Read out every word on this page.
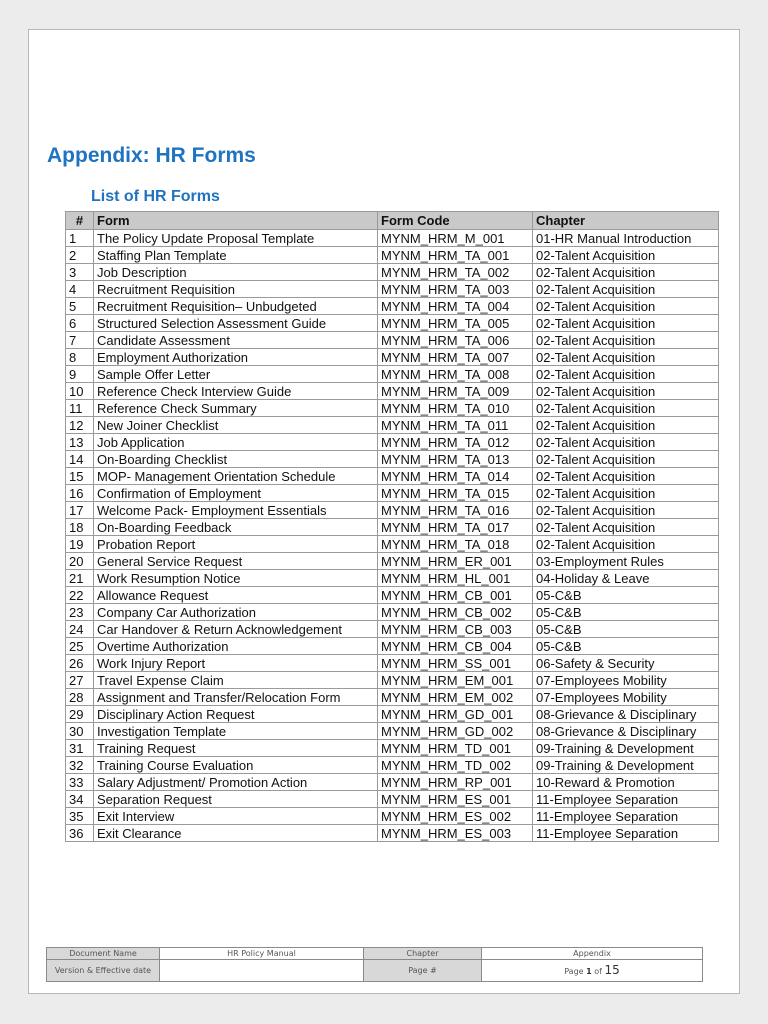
Appendix: HR Forms
List of HR Forms
#	Form	Form Code	Chapter
1	The Policy Update Proposal Template	MYNM_HRM_M_001	01-HR Manual Introduction
2	Staffing Plan Template	MYNM_HRM_TA_001	02-Talent Acquisition
3	Job Description	MYNM_HRM_TA_002	02-Talent Acquisition
4	Recruitment Requisition	MYNM_HRM_TA_003	02-Talent Acquisition
5	Recruitment Requisition– Unbudgeted	MYNM_HRM_TA_004	02-Talent Acquisition
6	Structured Selection Assessment Guide	MYNM_HRM_TA_005	02-Talent Acquisition
7	Candidate Assessment	MYNM_HRM_TA_006	02-Talent Acquisition
8	Employment Authorization	MYNM_HRM_TA_007	02-Talent Acquisition
9	Sample Offer Letter	MYNM_HRM_TA_008	02-Talent Acquisition
10	Reference Check Interview Guide	MYNM_HRM_TA_009	02-Talent Acquisition
11	Reference Check Summary	MYNM_HRM_TA_010	02-Talent Acquisition
12	New Joiner Checklist	MYNM_HRM_TA_011	02-Talent Acquisition
13	Job Application	MYNM_HRM_TA_012	02-Talent Acquisition
14	On-Boarding Checklist	MYNM_HRM_TA_013	02-Talent Acquisition
15	MOP- Management Orientation Schedule	MYNM_HRM_TA_014	02-Talent Acquisition
16	Confirmation of Employment	MYNM_HRM_TA_015	02-Talent Acquisition
17	Welcome Pack- Employment Essentials	MYNM_HRM_TA_016	02-Talent Acquisition
18	On-Boarding Feedback	MYNM_HRM_TA_017	02-Talent Acquisition
19	Probation Report	MYNM_HRM_TA_018	02-Talent Acquisition
20	General Service Request	MYNM_HRM_ER_001	03-Employment Rules
21	Work Resumption Notice	MYNM_HRM_HL_001	04-Holiday & Leave
22	Allowance Request	MYNM_HRM_CB_001	05-C&B
23	Company Car Authorization	MYNM_HRM_CB_002	05-C&B
24	Car Handover & Return Acknowledgement	MYNM_HRM_CB_003	05-C&B
25	Overtime Authorization	MYNM_HRM_CB_004	05-C&B
26	Work Injury Report	MYNM_HRM_SS_001	06-Safety & Security
27	Travel Expense Claim	MYNM_HRM_EM_001	07-Employees Mobility
28	Assignment and Transfer/Relocation Form	MYNM_HRM_EM_002	07-Employees Mobility
29	Disciplinary Action Request	MYNM_HRM_GD_001	08-Grievance & Disciplinary
30	Investigation Template	MYNM_HRM_GD_002	08-Grievance & Disciplinary
31	Training Request	MYNM_HRM_TD_001	09-Training & Development
32	Training Course Evaluation	MYNM_HRM_TD_002	09-Training & Development
33	Salary Adjustment/ Promotion Action	MYNM_HRM_RP_001	10-Reward & Promotion
34	Separation Request	MYNM_HRM_ES_001	11-Employee Separation
35	Exit Interview	MYNM_HRM_ES_002	11-Employee Separation
36	Exit Clearance	MYNM_HRM_ES_003	11-Employee Separation
Document Name	HR Policy Manual	Chapter	Appendix
Version & Effective date		Page #	Page 1 of 15
